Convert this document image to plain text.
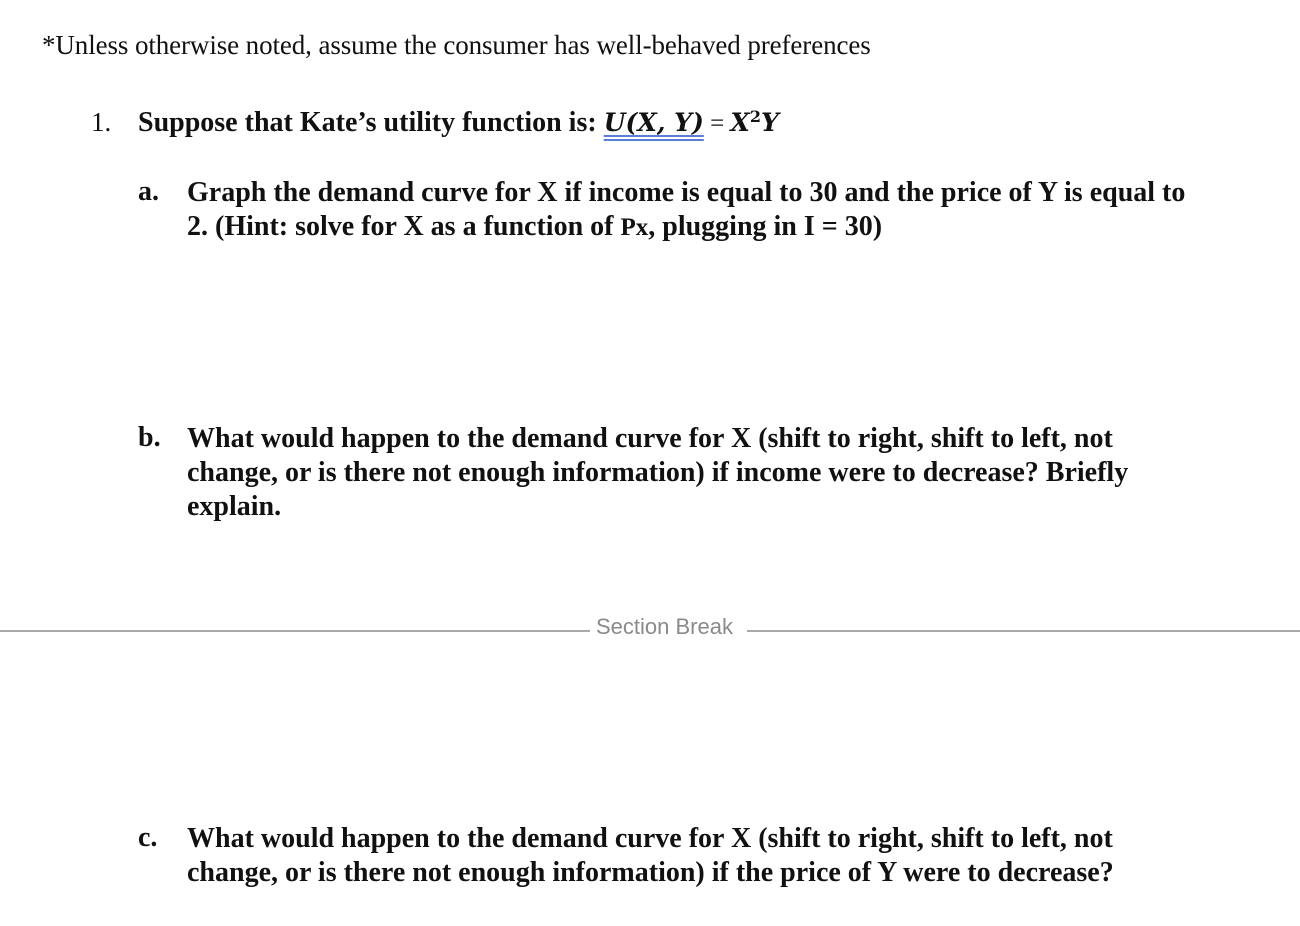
*Unless otherwise noted, assume the consumer has well-behaved preferences
1. Suppose that Kate’s utility function is: U(X, $Y) = X^2Y$
a. Graph the demand curve for X if income is equal to 30 and the price of Y is equal to
2. (Hint: solve for X as a function of Px, plugging in I = 30)
b. What would happen to the demand curve for X (shift to right, shift to left, not
change, or is there not enough information) if income were to decrease? Briefly
explain.
Section Break
c. What would happen to the demand curve for X (shift to right, shift to left, not
change, or is there not enough information) if the price of Y were to decrease?
